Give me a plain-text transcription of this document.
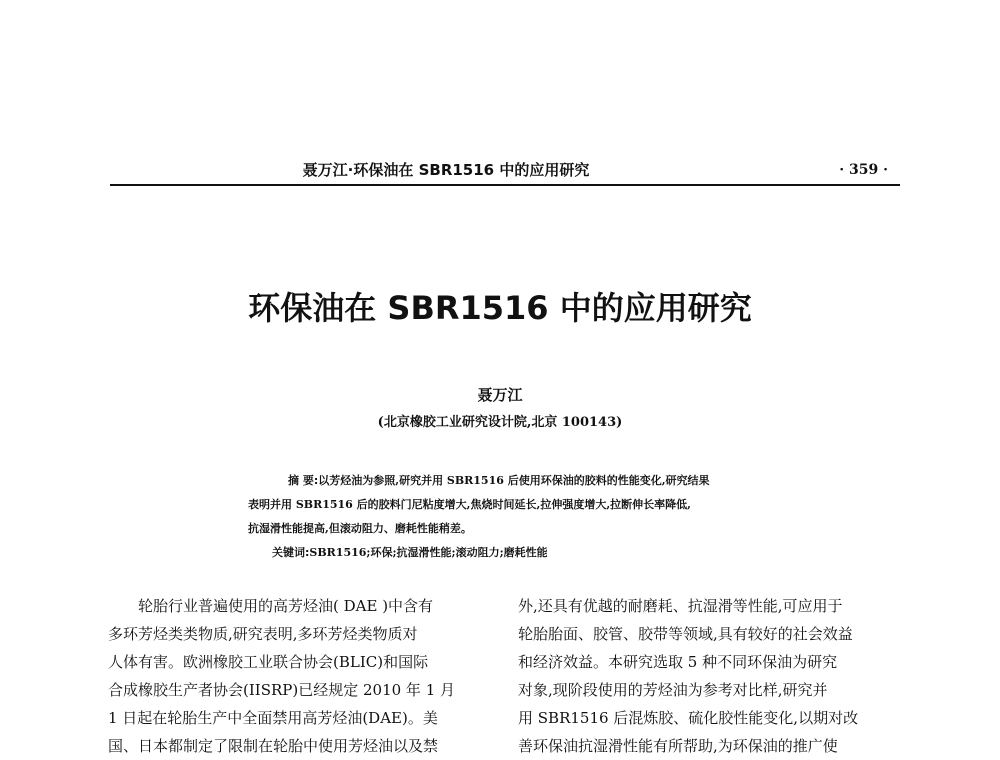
聂万江·环保油在 SBR1516 中的应用研究	· 359 ·
环保油在 SBR1516 中的应用研究
聂万江
(北京橡胶工业研究设计院,北京 100143)
摘 要:以芳烃油为参照,研究并用 SBR1516 后使用环保油的胶料的性能变化,研究结果
表明并用 SBR1516 后的胶料门尼粘度增大,焦烧时间延长,拉伸强度增大,拉断伸长率降低,
抗湿滑性能提高,但滚动阻力、磨耗性能稍差。
关键词:SBR1516;环保;抗湿滑性能;滚动阻力;磨耗性能
轮胎行业普遍使用的高芳烃油( DAE )中含有
多环芳烃类类物质,研究表明,多环芳烃类物质对
人体有害。欧洲橡胶工业联合协会(BLIC)和国际
合成橡胶生产者协会(IISRP)已经规定 2010 年 1 月
1 日起在轮胎生产中全面禁用高芳烃油(DAE)。美
国、日本都制定了限制在轮胎中使用芳烃油以及禁
外,还具有优越的耐磨耗、抗湿滑等性能,可应用于
轮胎胎面、胶管、胶带等领域,具有较好的社会效益
和经济效益。本研究选取 5 种不同环保油为研究
对象,现阶段使用的芳烃油为参考对比样,研究并
用 SBR1516 后混炼胶、硫化胶性能变化,以期对改
善环保油抗湿滑性能有所帮助,为环保油的推广使
